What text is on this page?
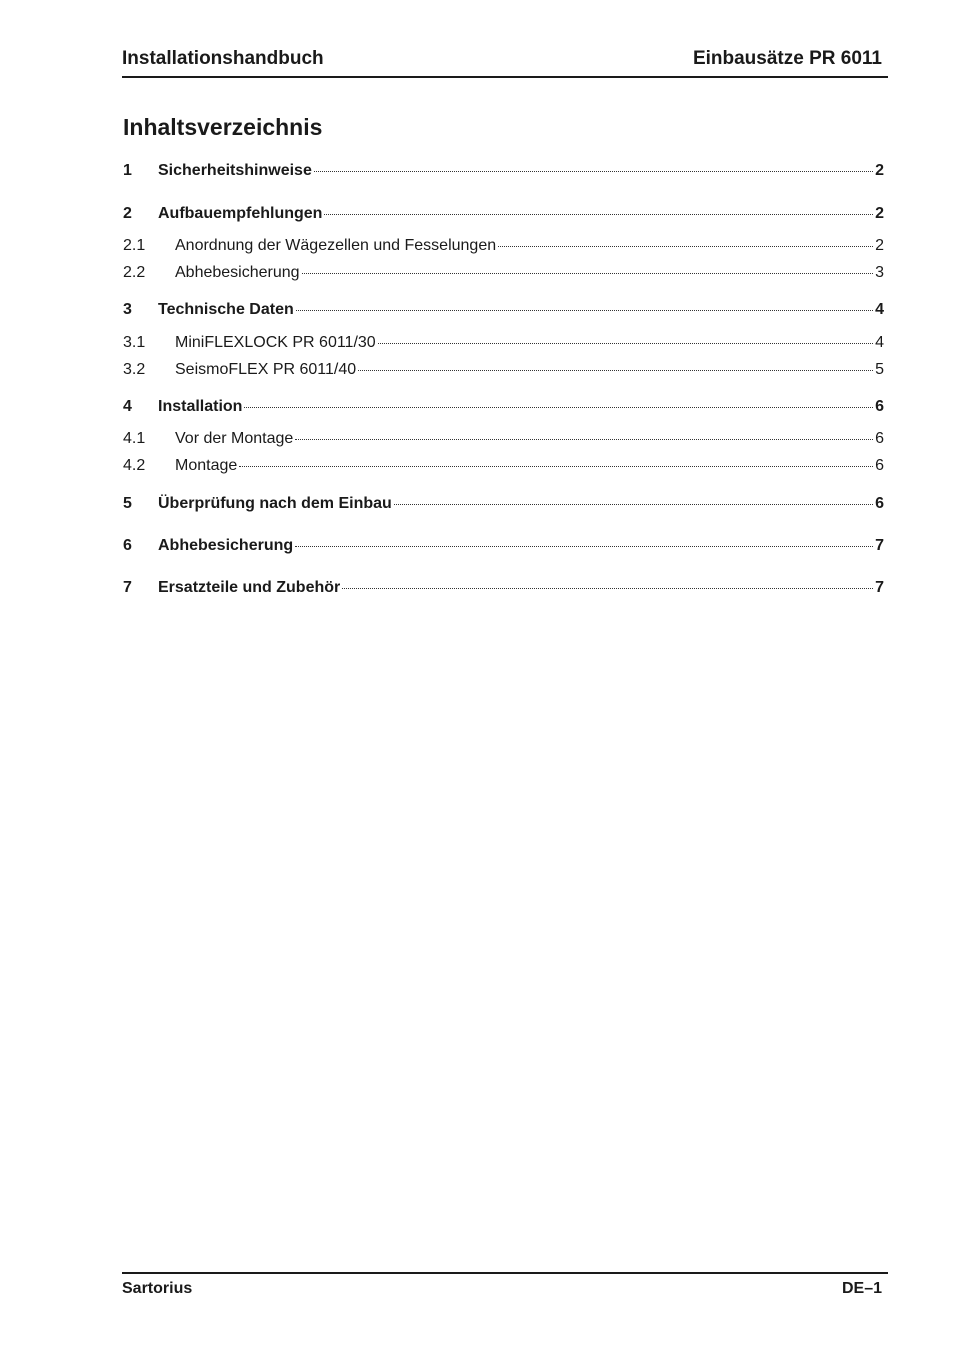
Installationshandbuch	Einbausätze PR 6011
Inhaltsverzeichnis
1	Sicherheitshinweise	2
2	Aufbauempfehlungen	2
2.1	Anordnung der Wägezellen und Fesselungen	2
2.2	Abhebesicherung	3
3	Technische Daten	4
3.1	MiniFLEXLOCK PR 6011/30	4
3.2	SeismoFLEX PR 6011/40	5
4	Installation	6
4.1	Vor der Montage	6
4.2	Montage	6
5	Überprüfung nach dem Einbau	6
6	Abhebesicherung	7
7	Ersatzteile und Zubehör	7
Sartorius	DE–1
